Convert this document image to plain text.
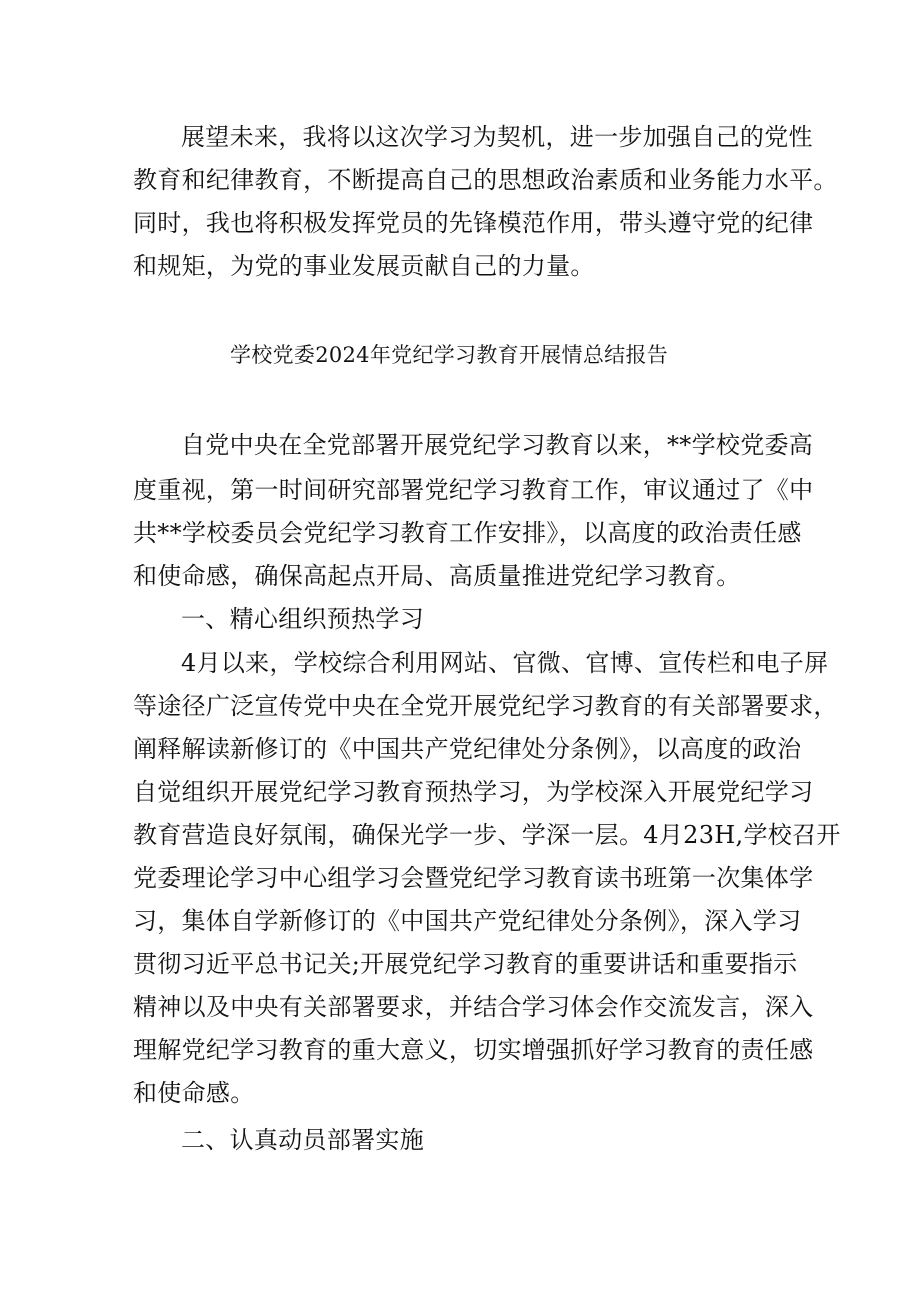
展望未来，我将以这次学习为契机，进一步加强自己的党性
教育和纪律教育，不断提高自己的思想政治素质和业务能力水平。
同时，我也将积极发挥党员的先锋模范作用，带头遵守党的纪律
和规矩，为党的事业发展贡献自己的力量。
学校党委2024年党纪学习教育开展情总结报告
自党中央在全党部署开展党纪学习教育以来，**学校党委高
度重视，第一时间研究部署党纪学习教育工作，审议通过了《中
共**学校委员会党纪学习教育工作安排》，以高度的政治责任感
和使命感，确保高起点开局、高质量推进党纪学习教育。
一、精心组织预热学习
4月以来，学校综合利用网站、官微、官博、宣传栏和电子屏
等途径广泛宣传党中央在全党开展党纪学习教育的有关部署要求，
阐释解读新修订的《中国共产党纪律处分条例》，以高度的政治
自觉组织开展党纪学习教育预热学习，为学校深入开展党纪学习
教育营造良好氛闱，确保光学一步、学深一层。4月23H,学校召开
党委理论学习中心组学习会暨党纪学习教育读书班第一次集体学
习，集体自学新修订的《中国共产党纪律处分条例》，深入学习
贯彻习近平总书记关;开展党纪学习教育的重要讲话和重要指示
精神以及中央有关部署要求，并结合学习体会作交流发言，深入
理解党纪学习教育的重大意义，切实增强抓好学习教育的责任感
和使命感。
二、认真动员部署实施
